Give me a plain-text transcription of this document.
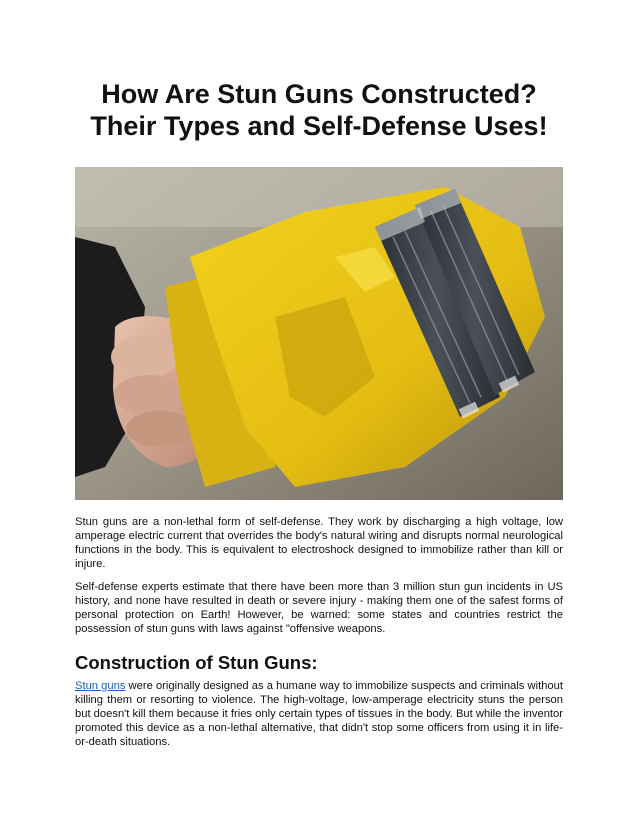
How Are Stun Guns Constructed?
Their Types and Self-Defense Uses!

Stun guns are a non-lethal form of self-defense. They work by discharging a high voltage, low amperage electric current that overrides the body's natural wiring and disrupts normal neurological functions in the body. This is equivalent to electroshock designed to immobilize rather than kill or injure.

Self-defense experts estimate that there have been more than 3 million stun gun incidents in US history, and none have resulted in death or severe injury - making them one of the safest forms of personal protection on Earth! However, be warned: some states and countries restrict the possession of stun guns with laws against "offensive weapons.

Construction of Stun Guns:

Stun guns were originally designed as a humane way to immobilize suspects and criminals without killing them or resorting to violence. The high-voltage, low-amperage electricity stuns the person but doesn't kill them because it fries only certain types of tissues in the body. But while the inventor promoted this device as a non-lethal alternative, that didn't stop some officers from using it in life-or-death situations.
